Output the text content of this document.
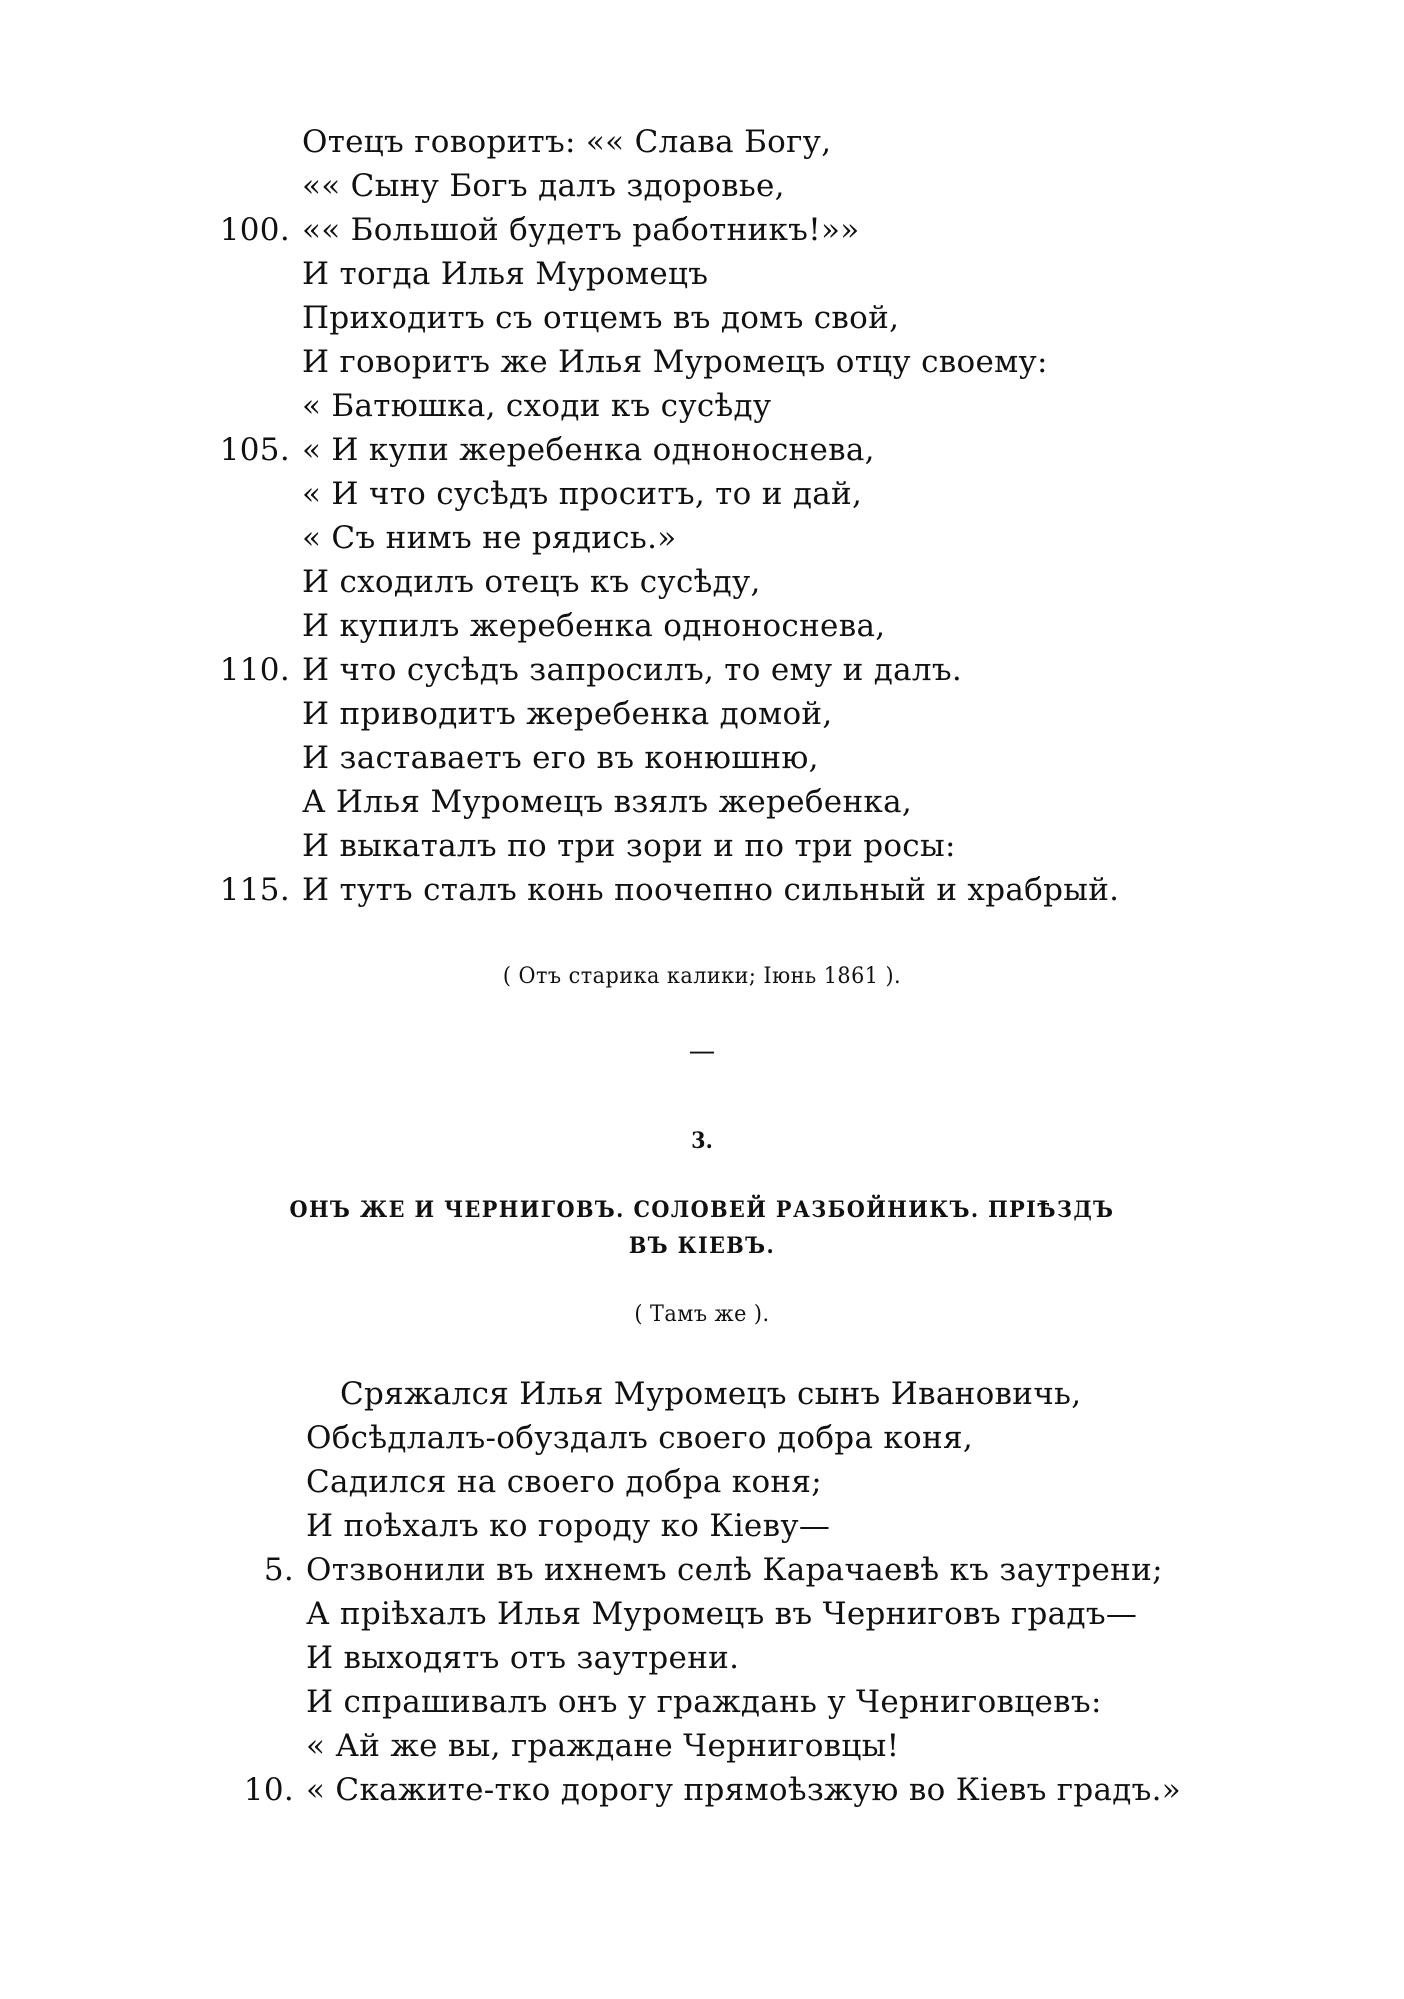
Отецъ говоритъ: «« Слава Богу,
«« Сыну Богъ далъ здоровье,
100. «« Большой будетъ работникъ!»»
И тогда Илья Муромецъ
Приходитъ съ отцемъ въ домъ свой,
И говоритъ же Илья Муромецъ отцу своему:
« Батюшка, сходи къ сусѣду
105. « И купи жеребенка одноноснева,
« И что сусѣдъ проситъ, то и дай,
« Съ нимъ не рядись.»
И сходилъ отецъ къ сусѣду,
И купилъ жеребенка одноноснева,
110. И что сусѣдъ запросилъ, то ему и далъ.
И приводитъ жеребенка домой,
И заставаетъ его въ конюшню,
А Илья Муромецъ взялъ жеребенка,
И выкаталъ по три зори и по три росы:
115. И тутъ сталъ конь поочепно сильный и храбрый.
( Отъ старика калики; Іюнь 1861 ).
—
3.
ОНЪ ЖЕ И ЧЕРНИГОВЪ. СОЛОВЕЙ РАЗБОЙНИКЪ. ПРІѢЗДЪ
ВЪ КІЕВЪ.
( Тамъ же ).
Сряжался Илья Муромецъ сынъ Ивановичь,
Обсѣдлалъ-обуздалъ своего добра коня,
Садился на своего добра коня;
И поѣхалъ ко городу ко Кіеву—
5. Отзвонили въ ихнемъ селѣ Карачаевѣ къ заутрени;
А пріѣхалъ Илья Муромецъ въ Черниговъ градъ—
И выходятъ отъ заутрени.
И спрашивалъ онъ у граждань у Черниговцевъ:
« Ай же вы, граждане Черниговцы!
10. « Скажите-тко дорогу прямоѣзжую во Кіевъ градъ.»
